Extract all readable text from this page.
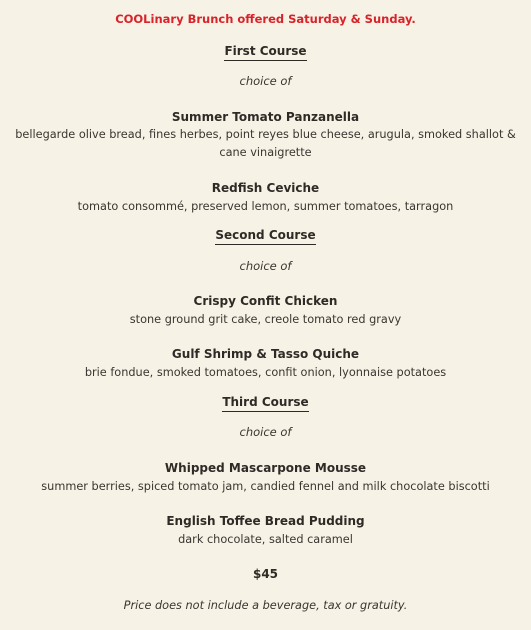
COOLinary Brunch offered Saturday & Sunday.
First Course
choice of
Summer Tomato Panzanella
bellegarde olive bread, fines herbes, point reyes blue cheese, arugula, smoked shallot & cane vinaigrette
Redfish Ceviche
tomato consommé, preserved lemon, summer tomatoes, tarragon
Second Course
choice of
Crispy Confit Chicken
stone ground grit cake, creole tomato red gravy
Gulf Shrimp & Tasso Quiche
brie fondue, smoked tomatoes, confit onion, lyonnaise potatoes
Third Course
choice of
Whipped Mascarpone Mousse
summer berries, spiced tomato jam, candied fennel and milk chocolate biscotti
English Toffee Bread Pudding
dark chocolate, salted caramel
$45
Price does not include a beverage, tax or gratuity.
